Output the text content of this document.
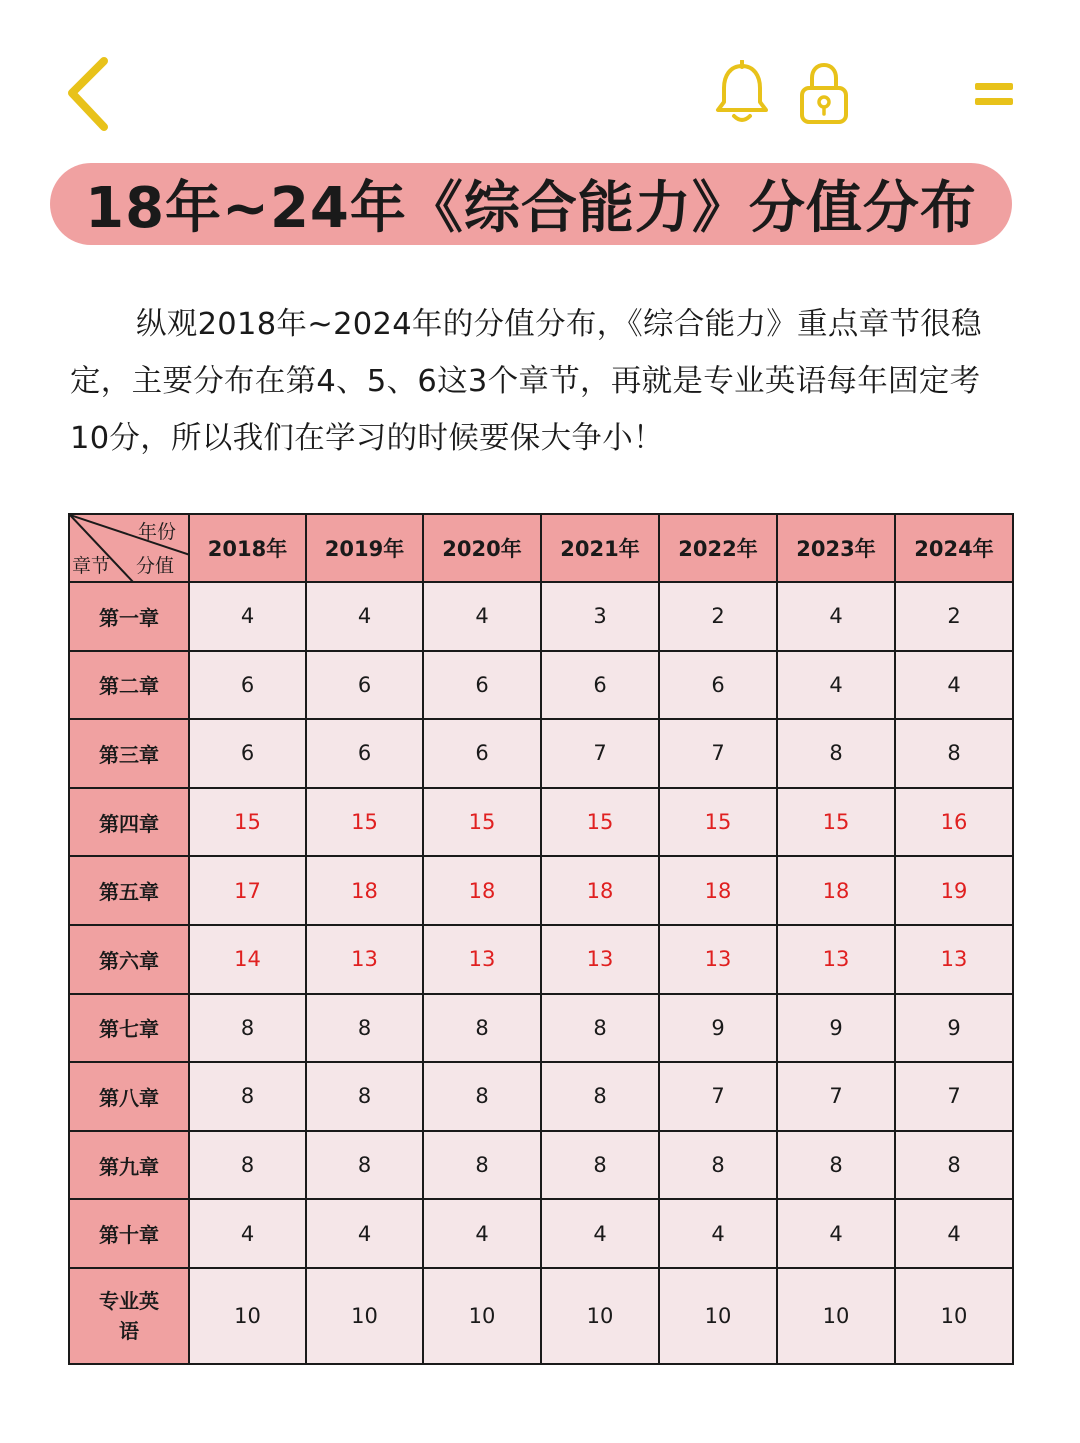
18年~24年《综合能力》分值分布

纵观2018年~2024年的分值分布，《综合能力》重点章节很稳定，主要分布在第4、5、6这3个章节，再就是专业英语每年固定考10分，所以我们在学习的时候要保大争小！

年份
分值
章节	2018年	2019年	2020年	2021年	2022年	2023年	2024年
第一章	4	4	4	3	2	4	2
第二章	6	6	6	6	6	4	4
第三章	6	6	6	7	7	8	8
第四章	15	15	15	15	15	15	16
第五章	17	18	18	18	18	18	19
第六章	14	13	13	13	13	13	13
第七章	8	8	8	8	9	9	9
第八章	8	8	8	8	7	7	7
第九章	8	8	8	8	8	8	8
第十章	4	4	4	4	4	4	4
专业英语	10	10	10	10	10	10	10
